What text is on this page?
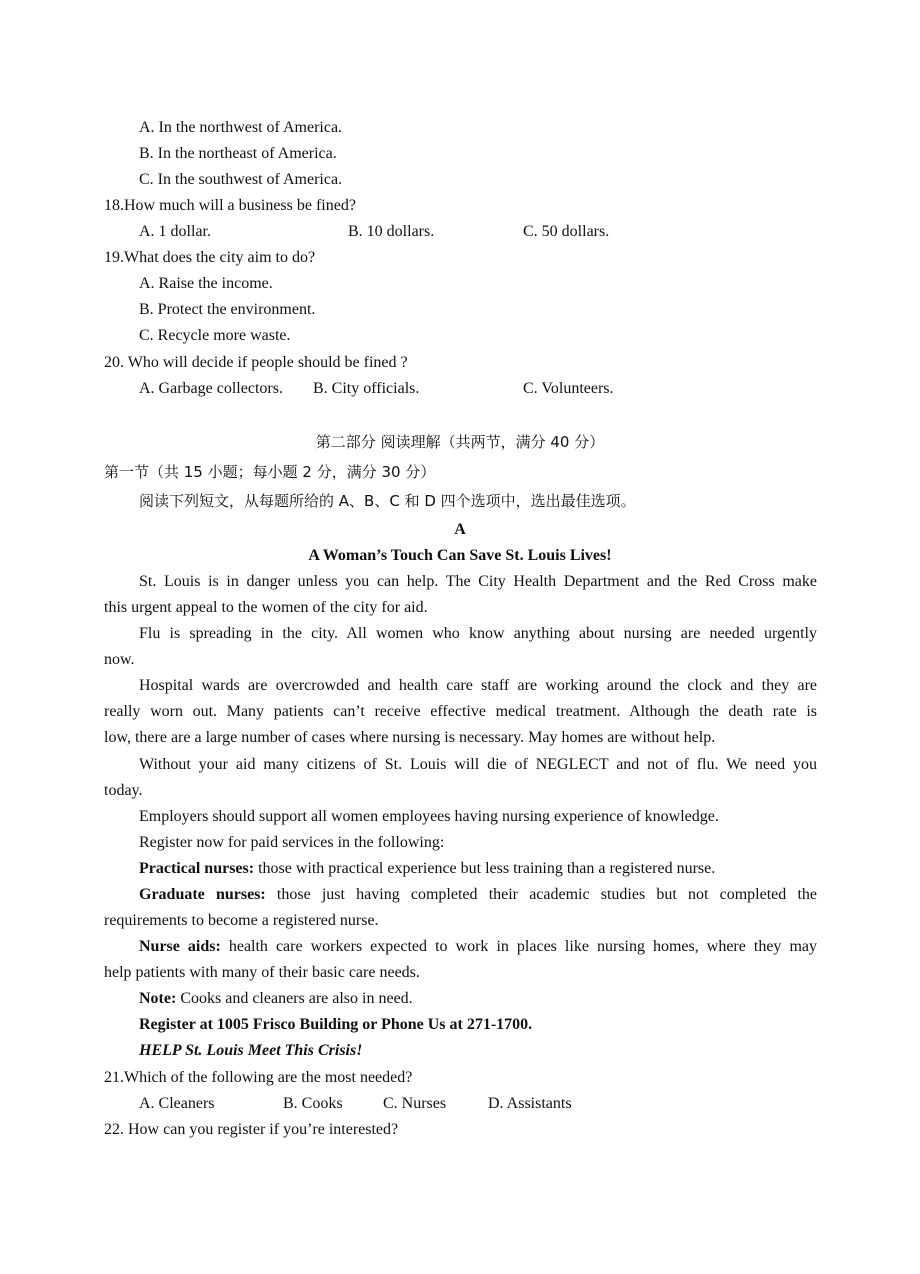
A. In the northwest of America.
B. In the northeast of America.
C. In the southwest of America.
18.How much will a business be fined?
A. 1 dollar.	B. 10 dollars.	C. 50 dollars.
19.What does the city aim to do?
A. Raise the income.
B. Protect the environment.
C. Recycle more waste.
20. Who will decide if people should be fined ?
A. Garbage collectors. B. City officials.	C. Volunteers.
第二部分 阅读理解（共两节，满分 40 分）
第一节（共 15 小题；每小题 2 分，满分 30 分）
阅读下列短文，从每题所给的 A、B、C 和 D 四个选项中，选出最佳选项。
A
A Woman’s Touch Can Save St. Louis Lives!
St. Louis is in danger unless you can help. The City Health Department and the Red Cross make
this urgent appeal to the women of the city for aid.
Flu is spreading in the city. All women who know anything about nursing are needed urgently
now.
Hospital wards are overcrowded and health care staff are working around the clock and they are
really worn out. Many patients can’t receive effective medical treatment. Although the death rate is
low, there are a large number of cases where nursing is necessary. May homes are without help.
Without your aid many citizens of St. Louis will die of NEGLECT and not of flu. We need you
today.
Employers should support all women employees having nursing experience of knowledge.
Register now for paid services in the following:
Practical nurses: those with practical experience but less training than a registered nurse.
Graduate nurses: those just having completed their academic studies but not completed the
requirements to become a registered nurse.
Nurse aids: health care workers expected to work in places like nursing homes, where they may
help patients with many of their basic care needs.
Note: Cooks and cleaners are also in need.
Register at 1005 Frisco Building or Phone Us at 271-1700.
HELP St. Louis Meet This Crisis!
21.Which of the following are the most needed?
A. Cleaners	B. Cooks	C. Nurses	D. Assistants
22. How can you register if you’re interested?
